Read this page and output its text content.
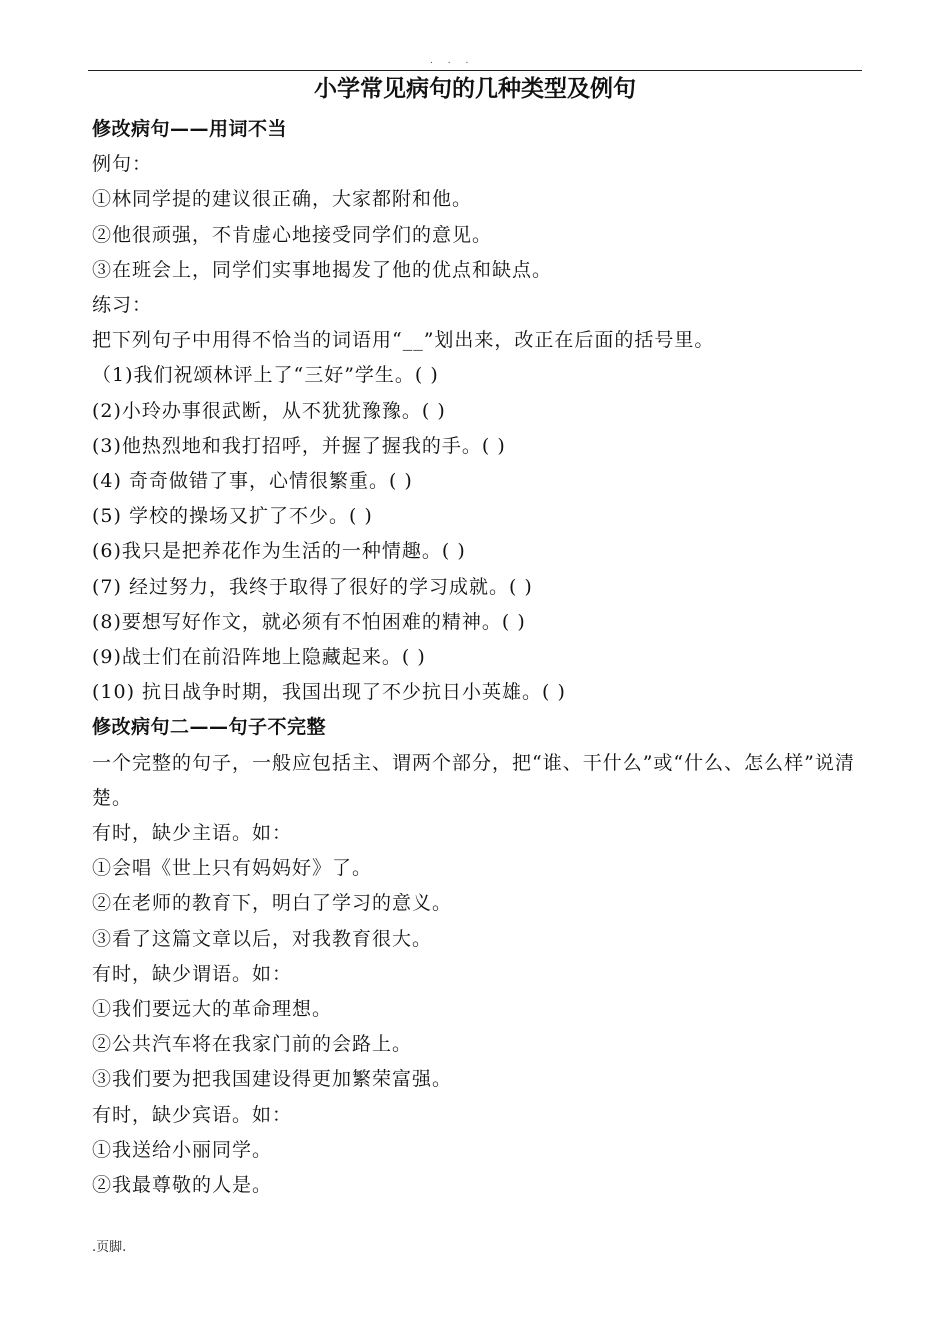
. . .
小学常见病句的几种类型及例句
修改病句——用词不当
例句：
①林同学提的建议很正确，大家都附和他。
②他很顽强，不肯虚心地接受同学们的意见。
③在班会上，同学们实事地揭发了他的优点和缺点。
练习：
把下列句子中用得不恰当的词语用“__”划出来，改正在后面的括号里。
（1)我们祝颂林评上了“三好”学生。( )
(2)小玲办事很武断，从不犹犹豫豫。( )
(3)他热烈地和我打招呼，并握了握我的手。( )
(4) 奇奇做错了事，心情很繁重。( )
(5) 学校的操场又扩了不少。( )
(6)我只是把养花作为生活的一种情趣。( )
(7) 经过努力，我终于取得了很好的学习成就。( )
(8)要想写好作文，就必须有不怕困难的精神。( )
(9)战士们在前沿阵地上隐藏起来。( )
(10) 抗日战争时期，我国出现了不少抗日小英雄。( )
修改病句二——句子不完整
一个完整的句子，一般应包括主、谓两个部分，把“谁、干什么”或“什么、怎么样”说清楚。
有时，缺少主语。如：
①会唱《世上只有妈妈好》了。
②在老师的教育下，明白了学习的意义。
③看了这篇文章以后，对我教育很大。
有时，缺少谓语。如：
①我们要远大的革命理想。
②公共汽车将在我家门前的会路上。
③我们要为把我国建设得更加繁荣富强。
有时，缺少宾语。如：
①我送给小丽同学。
②我最尊敬的人是。
.页脚.
